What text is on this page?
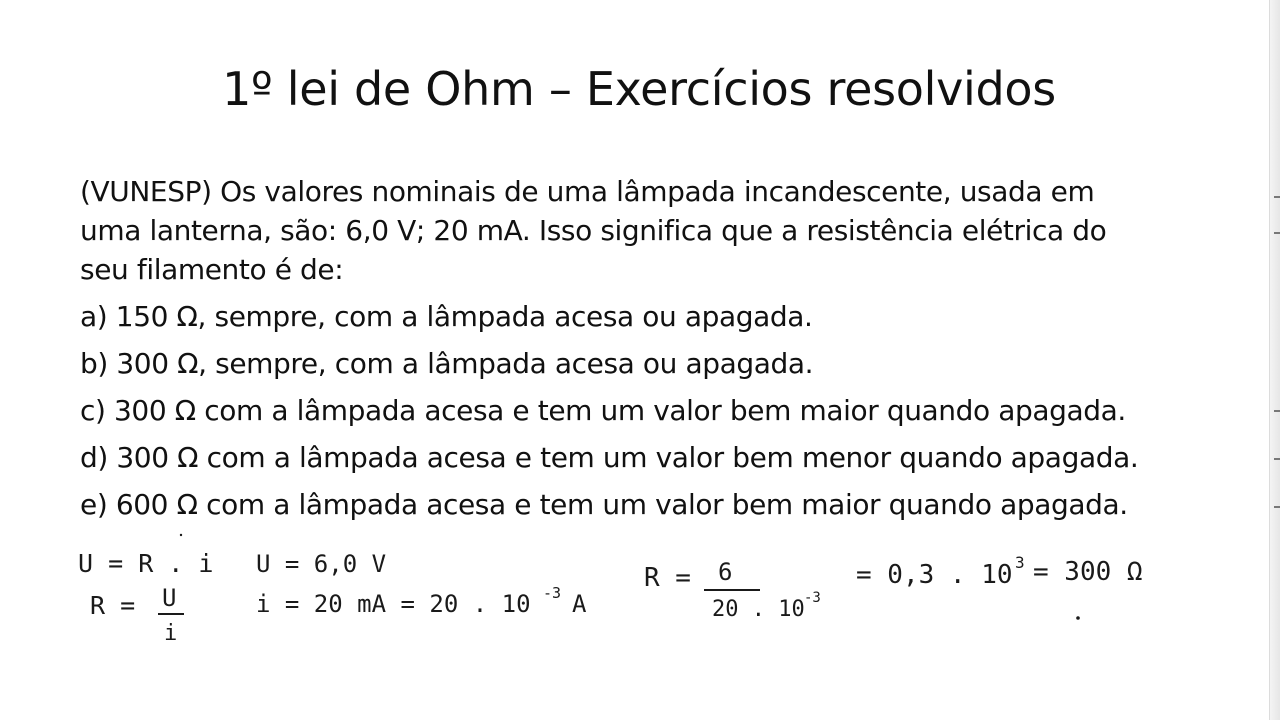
1º lei de Ohm – Exercícios resolvidos
(VUNESP) Os valores nominais de uma lâmpada incandescente, usada em
uma lanterna, são: 6,0 V; 20 mA. Isso significa que a resistência elétrica do
seu filamento é de:
a) 150 Ω, sempre, com a lâmpada acesa ou apagada.
b) 300 Ω, sempre, com a lâmpada acesa ou apagada.
c) 300 Ω com a lâmpada acesa e tem um valor bem maior quando apagada.
d) 300 Ω com a lâmpada acesa e tem um valor bem menor quando apagada.
e) 600 Ω com a lâmpada acesa e tem um valor bem maior quando apagada.
U = R . i
R = U
i
U = 6,0 V
i = 20 mA = 20 . 10 -3 A
R = 6
20 . 10 -3
= 0,3 . 10 3 = 300 Ω
